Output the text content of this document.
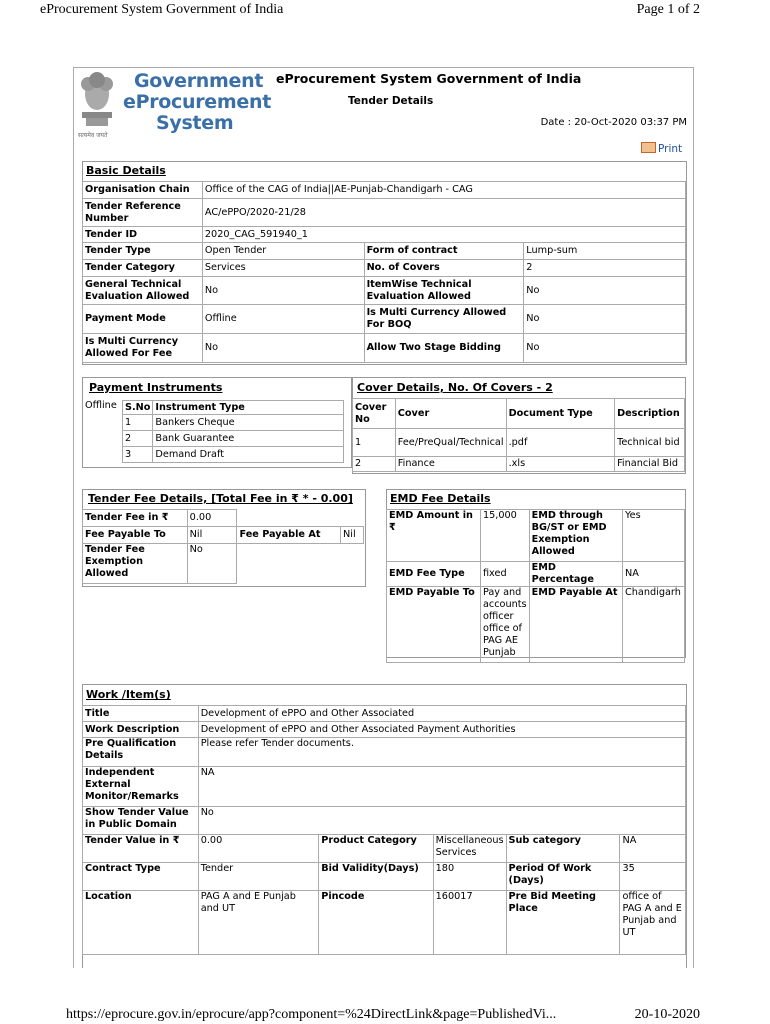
eProcurement System Government of India	Page 1 of 2
https://eprocure.gov.in/eprocure/app?component=%24DirectLink&page=PublishedVi...	20-10-2020
Government
eProcurement
System
सत्यमेव जयते
eProcurement System Government of India
Tender Details
Date : 20-Oct-2020 03:37 PM
Print
Basic Details
Organisation Chain	Office of the CAG of India||AE-Punjab-Chandigarh - CAG		
Tender Reference Number	AC/ePPO/2020-21/28		
Tender ID	2020_CAG_591940_1		
Tender Type	Open Tender	Form of contract	Lump-sum
Tender Category	Services	No. of Covers	2
General Technical Evaluation Allowed	No	ItemWise Technical Evaluation Allowed	No
Payment Mode	Offline	Is Multi Currency Allowed For BOQ	No
Is Multi Currency Allowed For Fee	No	Allow Two Stage Bidding	No
Payment Instruments
Offline S.No	Instrument Type
1	Bankers Cheque
2	Bank Guarantee
3	Demand Draft
Cover Details, No. Of Covers - 2
Cover No	Cover	Document Type	Description
1	Fee/PreQual/Technical	.pdf	Technical bid
2	Finance	.xls	Financial Bid
Tender Fee Details, [Total Fee in ₹ * - 0.00]
Tender Fee in ₹	0.00		
Fee Payable To	Nil	Fee Payable At	Nil
Tender Fee Exemption Allowed	No		
EMD Fee Details
EMD Amount in ₹	15,000	EMD through BG/ST or EMD Exemption Allowed	Yes
EMD Fee Type	fixed	EMD Percentage	NA
EMD Payable To	Pay and accounts officer office of PAG AE Punjab	EMD Payable At	Chandigarh
Work /Item(s)
Title	Development of ePPO and Other Associated				
Work Description	Development of ePPO and Other Associated Payment Authorities				
Pre Qualification Details	Please refer Tender documents.				
Independent External Monitor/Remarks	NA				
Show Tender Value in Public Domain	No				
Tender Value in ₹	0.00	Product Category	Miscellaneous Services	Sub category	NA
Contract Type	Tender	Bid Validity(Days)	180	Period Of Work (Days)	35
Location	PAG A and E Punjab and UT	Pincode	160017	Pre Bid Meeting Place	office of PAG A and E Punjab and UT
